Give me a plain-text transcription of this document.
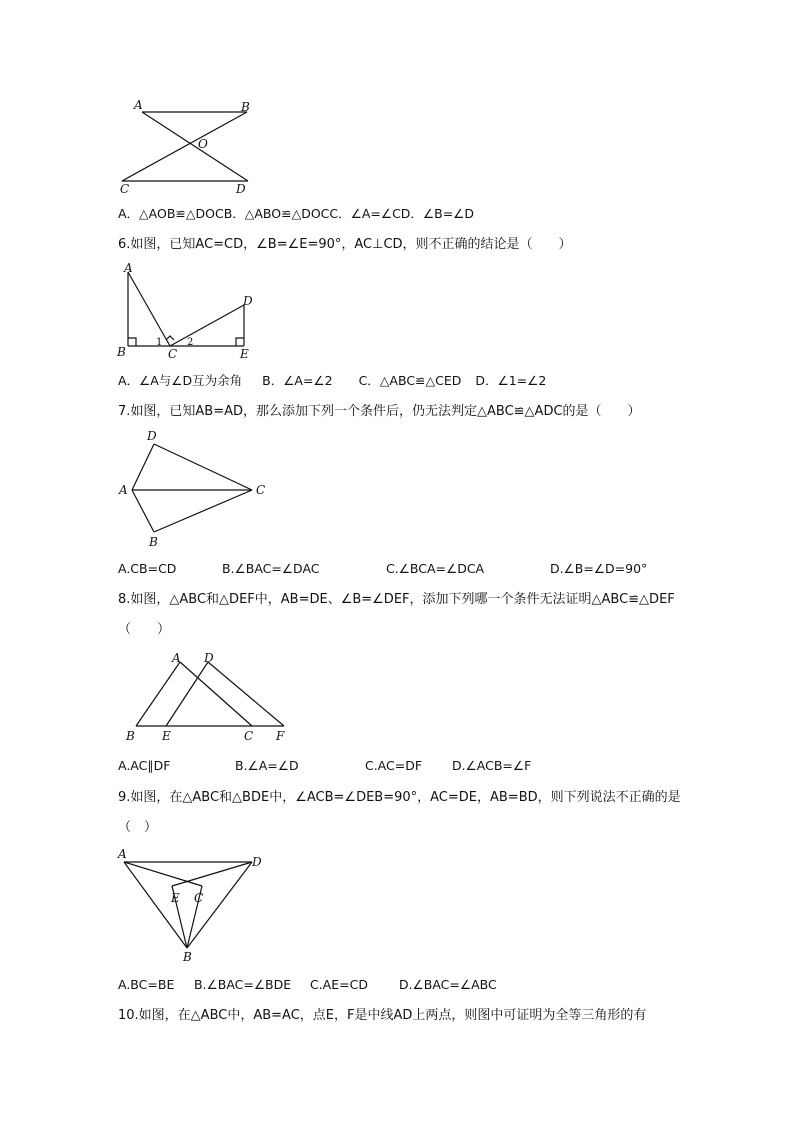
A	B
O
C	D
A．△AOB≌△DOCB．△ABO≌△DOCC．∠A=∠CD．∠B=∠D
6.如图，已知AC=CD，∠B=∠E=90°，AC⊥CD，则不正确的结论是（　　）
A
B	C
D
E
1 2
A．∠A与∠D互为余角 B．∠A=∠2 C．△ABC≌△CED D．∠1=∠2
7.如图，已知AB=AD，那么添加下列一个条件后，仍无法判定△ABC≌△ADC的是（　　）
D
A	C
B
A.CB=CD	B.∠BAC=∠DAC	C.∠BCA=∠DCA	D.∠B=∠D=90°
8.如图，△ABC和△DEF中，AB=DE、∠B=∠DEF，添加下列哪一个条件无法证明△ABC≌△DEF
（　　）
A D
B E	C F
A.AC∥DF	B.∠A=∠D	C.AC=DF D.∠ACB=∠F
9.如图，在△ABC和△BDE中，∠ACB=∠DEB=90°，AC=DE，AB=BD，则下列说法不正确的是
（　）
A
D
E C
B
A.BC=BE B.∠BAC=∠BDE C.AE=CD D.∠BAC=∠ABC
10.如图，在△ABC中，AB=AC，点E，F是中线AD上两点，则图中可证明为全等三角形的有
